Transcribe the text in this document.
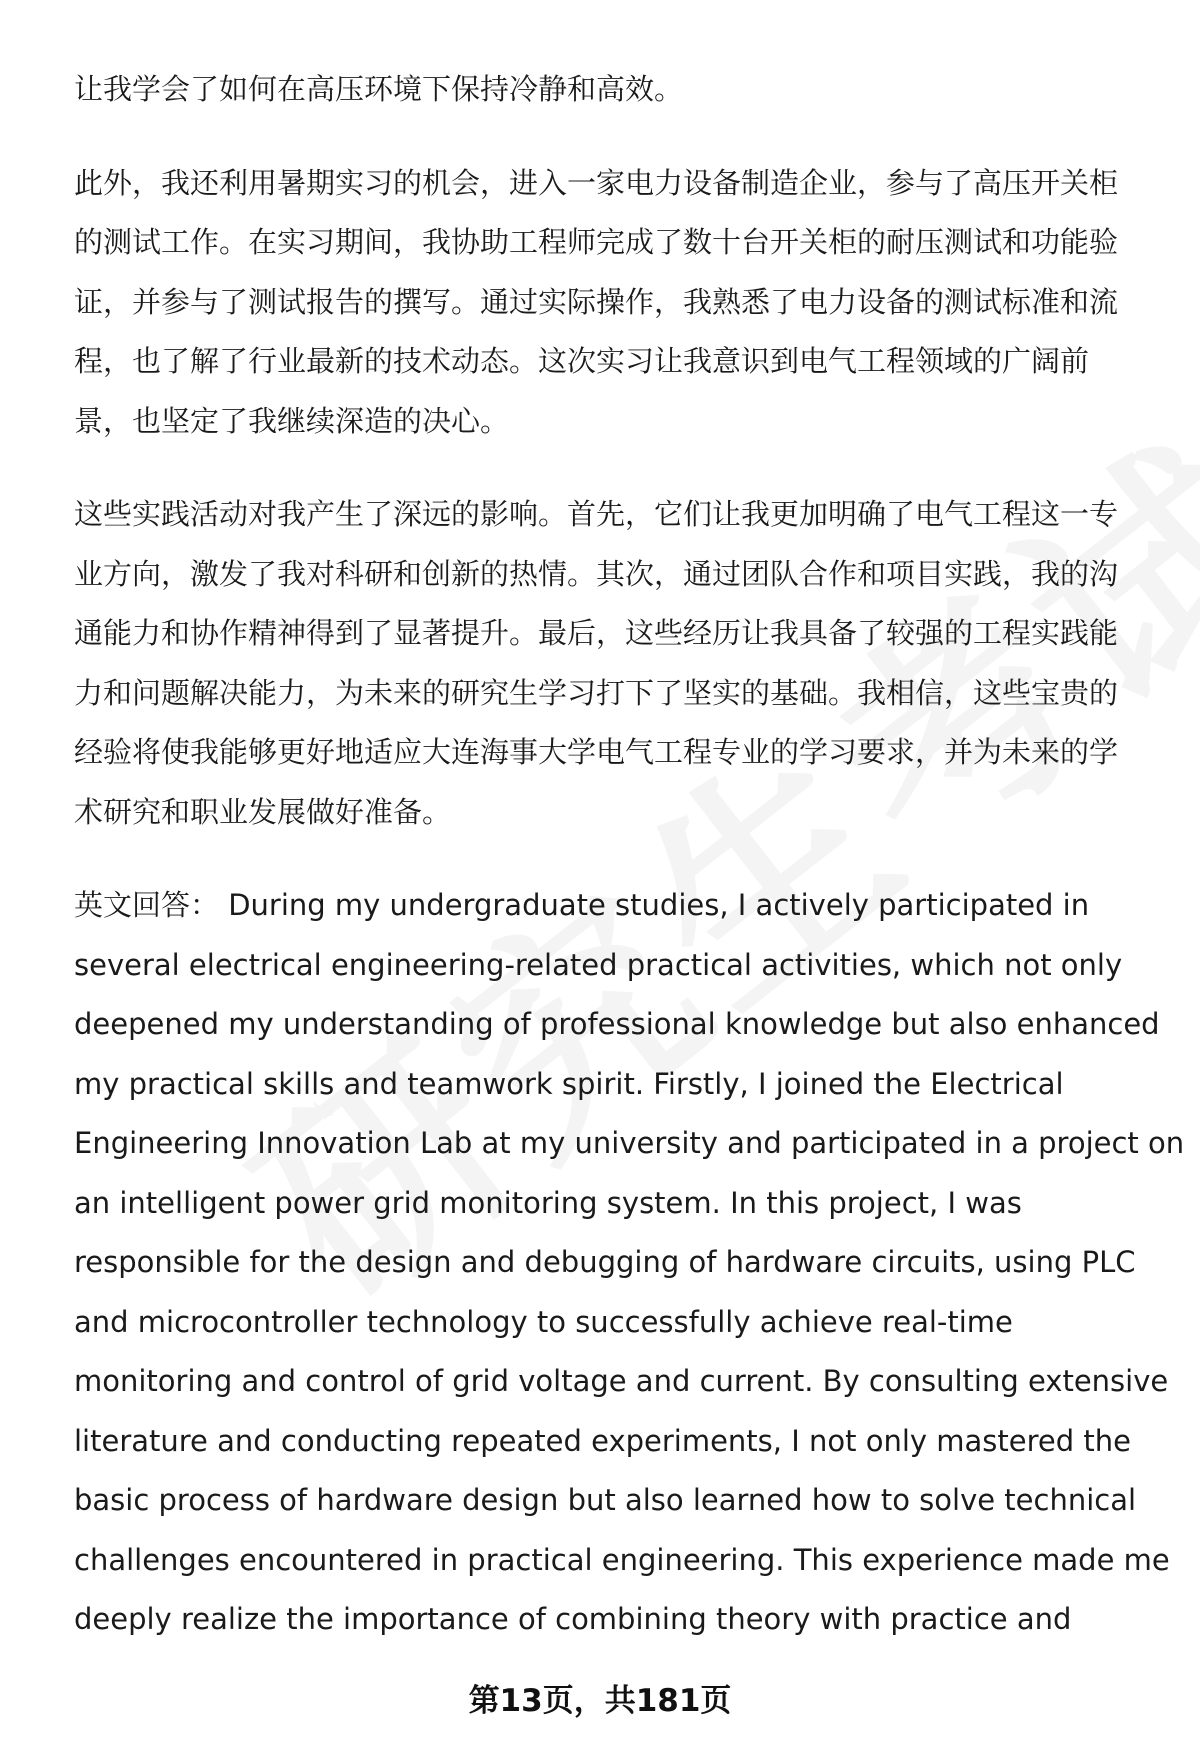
让我学会了如何在高压环境下保持冷静和高效。

此外，我还利用暑期实习的机会，进入一家电力设备制造企业，参与了高压开关柜
的测试工作。在实习期间，我协助工程师完成了数十台开关柜的耐压测试和功能验
证，并参与了测试报告的撰写。通过实际操作，我熟悉了电力设备的测试标准和流
程，也了解了行业最新的技术动态。这次实习让我意识到电气工程领域的广阔前
景，也坚定了我继续深造的决心。

这些实践活动对我产生了深远的影响。首先，它们让我更加明确了电气工程这一专
业方向，激发了我对科研和创新的热情。其次，通过团队合作和项目实践，我的沟
通能力和协作精神得到了显著提升。最后，这些经历让我具备了较强的工程实践能
力和问题解决能力，为未来的研究生学习打下了坚实的基础。我相信，这些宝贵的
经验将使我能够更好地适应大连海事大学电气工程专业的学习要求，并为未来的学
术研究和职业发展做好准备。

英文回答： During my undergraduate studies, I actively participated in
several electrical engineering-related practical activities, which not only
deepened my understanding of professional knowledge but also enhanced
my practical skills and teamwork spirit. Firstly, I joined the Electrical
Engineering Innovation Lab at my university and participated in a project on
an intelligent power grid monitoring system. In this project, I was
responsible for the design and debugging of hardware circuits, using PLC
and microcontroller technology to successfully achieve real-time
monitoring and control of grid voltage and current. By consulting extensive
literature and conducting repeated experiments, I not only mastered the
basic process of hardware design but also learned how to solve technical
challenges encountered in practical engineering. This experience made me
deeply realize the importance of combining theory with practice and

第13页，共181页
